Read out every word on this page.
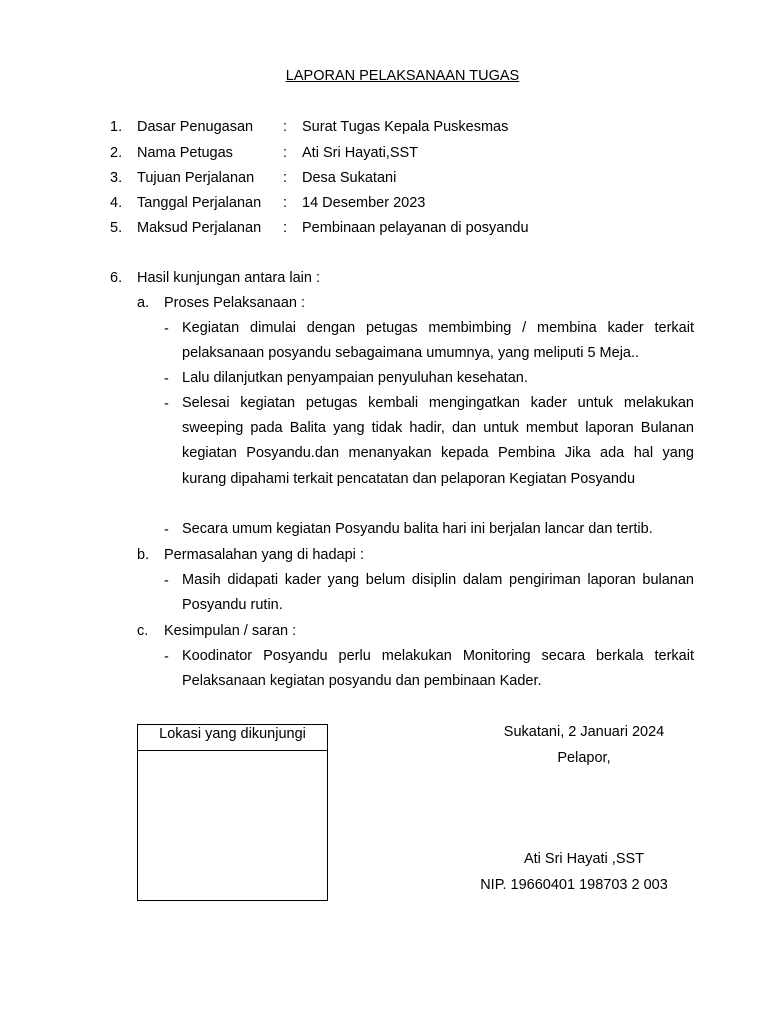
LAPORAN PELAKSANAAN TUGAS
1. Dasar Penugasan : Surat Tugas Kepala Puskesmas
2. Nama Petugas	: Ati Sri Hayati,SST
3. Tujuan Perjalanan : Desa Sukatani
4. Tanggal Perjalanan : 14 Desember 2023
5. Maksud Perjalanan : Pembinaan pelayanan di posyandu
6. Hasil kunjungan antara lain :
a. Proses Pelaksanaan :
- Kegiatan dimulai dengan petugas membimbing / membina kader terkait pelaksanaan posyandu sebagaimana umumnya, yang meliputi 5 Meja..
- Lalu dilanjutkan penyampaian penyuluhan kesehatan.
- Selesai kegiatan petugas kembali mengingatkan kader untuk melakukan sweeping pada Balita yang tidak hadir, dan untuk membut laporan Bulanan kegiatan Posyandu.dan menanyakan kepada Pembina Jika ada hal yang kurang dipahami terkait pencatatan dan pelaporan Kegiatan Posyandu
- Secara umum kegiatan Posyandu balita hari ini berjalan lancar dan tertib.
b. Permasalahan yang di hadapi :
- Masih didapati kader yang belum disiplin dalam pengiriman laporan bulanan Posyandu rutin.
c. Kesimpulan / saran :
- Koodinator Posyandu perlu melakukan Monitoring secara berkala terkait Pelaksanaan kegiatan posyandu dan pembinaan Kader.
Lokasi yang dikunjungi	Sukatani, 2 Januari 2024
Pelapor,
Ati Sri Hayati ,SST
NIP. 19660401 198703 2 003
